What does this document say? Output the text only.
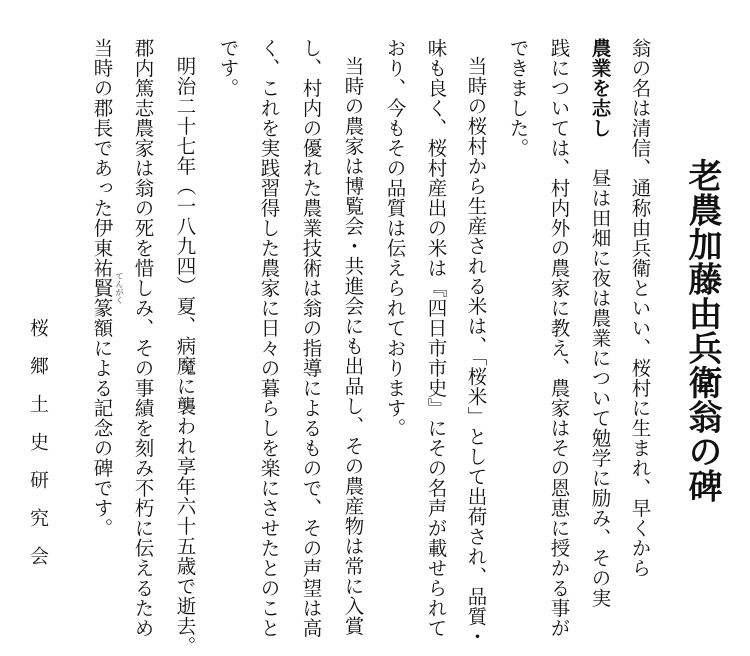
老農加藤由兵衛翁の碑
翁の名は清信、通称由兵衛といい、桜村に生まれ、早くから
農業を志し昼は田畑に夜は農業について勉学に励み、その実
践については、村内外の農家に教え、農家はその恩恵に授かる事が
できました。
当時の桜村から生産される米は、「桜米」として出荷され、品質・
味も良く、桜村産出の米は『四日市市史』にその名声が載せられて
おり、今もその品質は伝えられております。
当時の農家は博覧会・共進会にも出品し、その農産物は常に入賞
し、村内の優れた農業技術は翁の指導によるもので、その声望は高
く、これを実践習得した農家に日々の暮らしを楽にさせたとのこと
です。
明治二十七年（一八九四）夏、病魔に襲われ享年六十五歳で逝去。
郡内篤志農家は翁の死を惜しみ、その事績を刻み不朽に伝えるため
当時の郡長であった伊東祐賢篆額による記念の碑です。 てんがく
桜郷土史研究会
